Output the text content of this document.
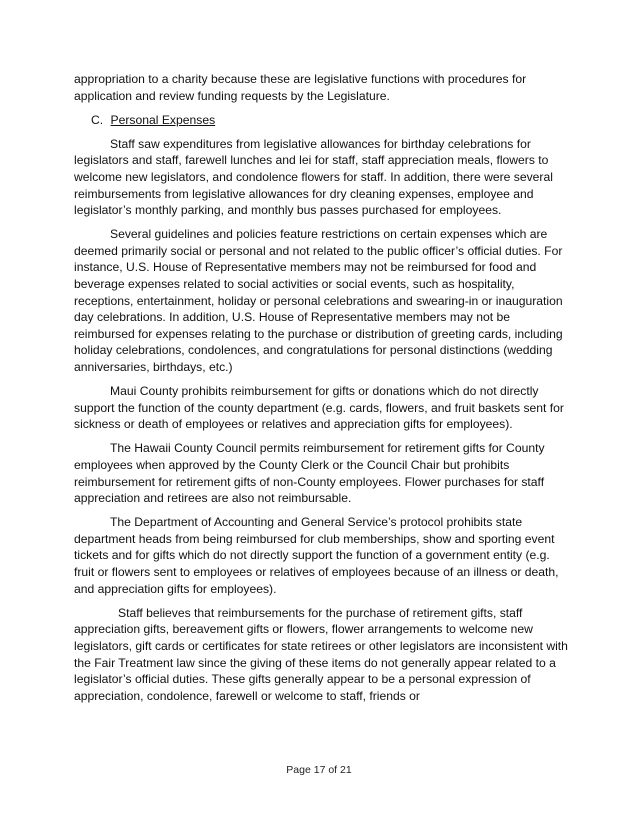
appropriation to a charity because these are legislative functions with procedures for application and review funding requests by the Legislature.

C. Personal Expenses

Staff saw expenditures from legislative allowances for birthday celebrations for legislators and staff, farewell lunches and lei for staff, staff appreciation meals, flowers to welcome new legislators, and condolence flowers for staff. In addition, there were several reimbursements from legislative allowances for dry cleaning expenses, employee and legislator’s monthly parking, and monthly bus passes purchased for employees.

Several guidelines and policies feature restrictions on certain expenses which are deemed primarily social or personal and not related to the public officer’s official duties. For instance, U.S. House of Representative members may not be reimbursed for food and beverage expenses related to social activities or social events, such as hospitality, receptions, entertainment, holiday or personal celebrations and swearing-in or inauguration day celebrations. In addition, U.S. House of Representative members may not be reimbursed for expenses relating to the purchase or distribution of greeting cards, including holiday celebrations, condolences, and congratulations for personal distinctions (wedding anniversaries, birthdays, etc.)

Maui County prohibits reimbursement for gifts or donations which do not directly support the function of the county department (e.g. cards, flowers, and fruit baskets sent for sickness or death of employees or relatives and appreciation gifts for employees).

The Hawaii County Council permits reimbursement for retirement gifts for County employees when approved by the County Clerk or the Council Chair but prohibits reimbursement for retirement gifts of non-County employees. Flower purchases for staff appreciation and retirees are also not reimbursable.

The Department of Accounting and General Service’s protocol prohibits state department heads from being reimbursed for club memberships, show and sporting event tickets and for gifts which do not directly support the function of a government entity (e.g. fruit or flowers sent to employees or relatives of employees because of an illness or death, and appreciation gifts for employees).

Staff believes that reimbursements for the purchase of retirement gifts, staff appreciation gifts, bereavement gifts or flowers, flower arrangements to welcome new legislators, gift cards or certificates for state retirees or other legislators are inconsistent with the Fair Treatment law since the giving of these items do not generally appear related to a legislator’s official duties. These gifts generally appear to be a personal expression of appreciation, condolence, farewell or welcome to staff, friends or

Page 17 of 21
